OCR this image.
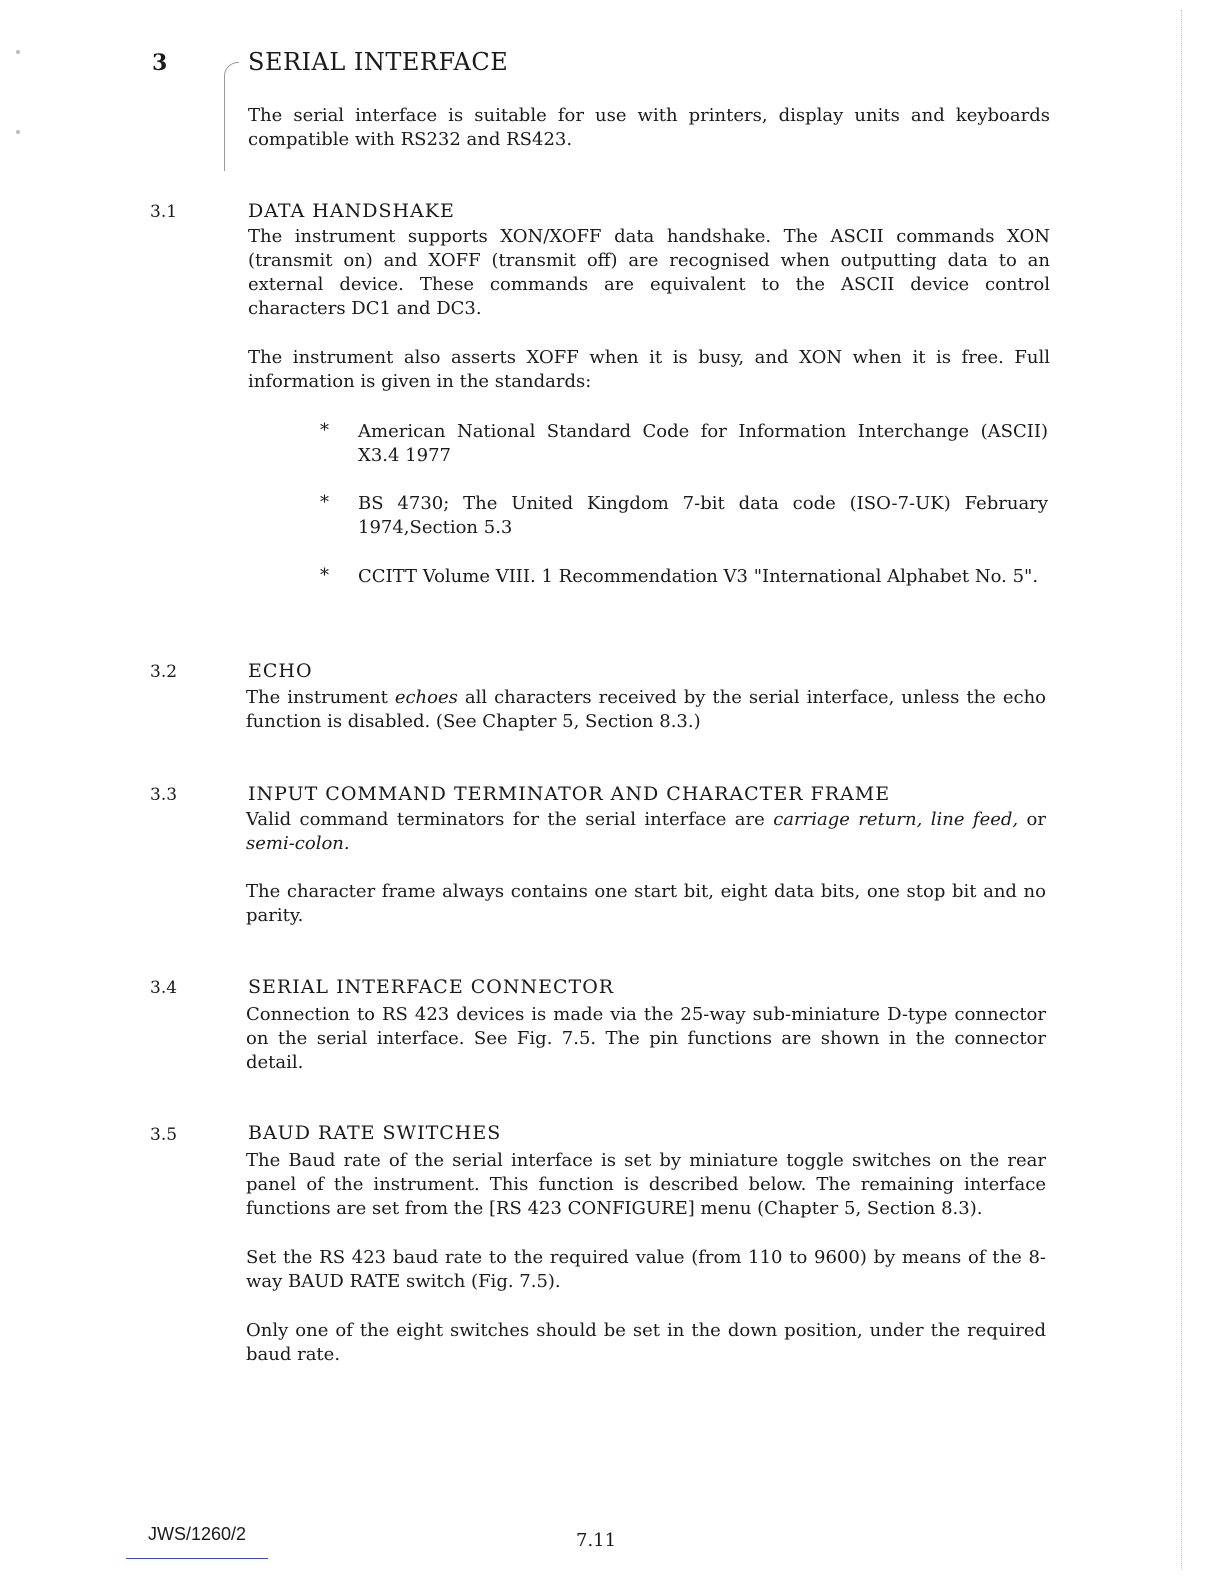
3	SERIAL INTERFACE
The serial interface is suitable for use with printers, display units and keyboards compatible with RS232 and RS423.
3.1	DATA HANDSHAKE
The instrument supports XON/XOFF data handshake. The ASCII commands XON (transmit on) and XOFF (transmit off) are recognised when outputting data to an external device. These commands are equivalent to the ASCII device control characters DC1 and DC3.
The instrument also asserts XOFF when it is busy, and XON when it is free. Full information is given in the standards:
* American National Standard Code for Information Interchange (ASCII) X3.4 1977
* BS 4730; The United Kingdom 7-bit data code (ISO-7-UK) February 1974,Section 5.3
* CCITT Volume VIII. 1 Recommendation V3 "International Alphabet No. 5".
3.2	ECHO
The instrument echoes all characters received by the serial interface, unless the echo function is disabled. (See Chapter 5, Section 8.3.)
3.3	INPUT COMMAND TERMINATOR AND CHARACTER FRAME
Valid command terminators for the serial interface are carriage return, line feed, or semi-colon.
The character frame always contains one start bit, eight data bits, one stop bit and no parity.
3.4	SERIAL INTERFACE CONNECTOR
Connection to RS 423 devices is made via the 25-way sub-miniature D-type connector on the serial interface. See Fig. 7.5. The pin functions are shown in the connector detail.
3.5	BAUD RATE SWITCHES
The Baud rate of the serial interface is set by miniature toggle switches on the rear panel of the instrument. This function is described below. The remaining interface functions are set from the [RS 423 CONFIGURE] menu (Chapter 5, Section 8.3).
Set the RS 423 baud rate to the required value (from 110 to 9600) by means of the 8-way BAUD RATE switch (Fig. 7.5).
Only one of the eight switches should be set in the down position, under the required baud rate.
JWS/1260/2	7.11
